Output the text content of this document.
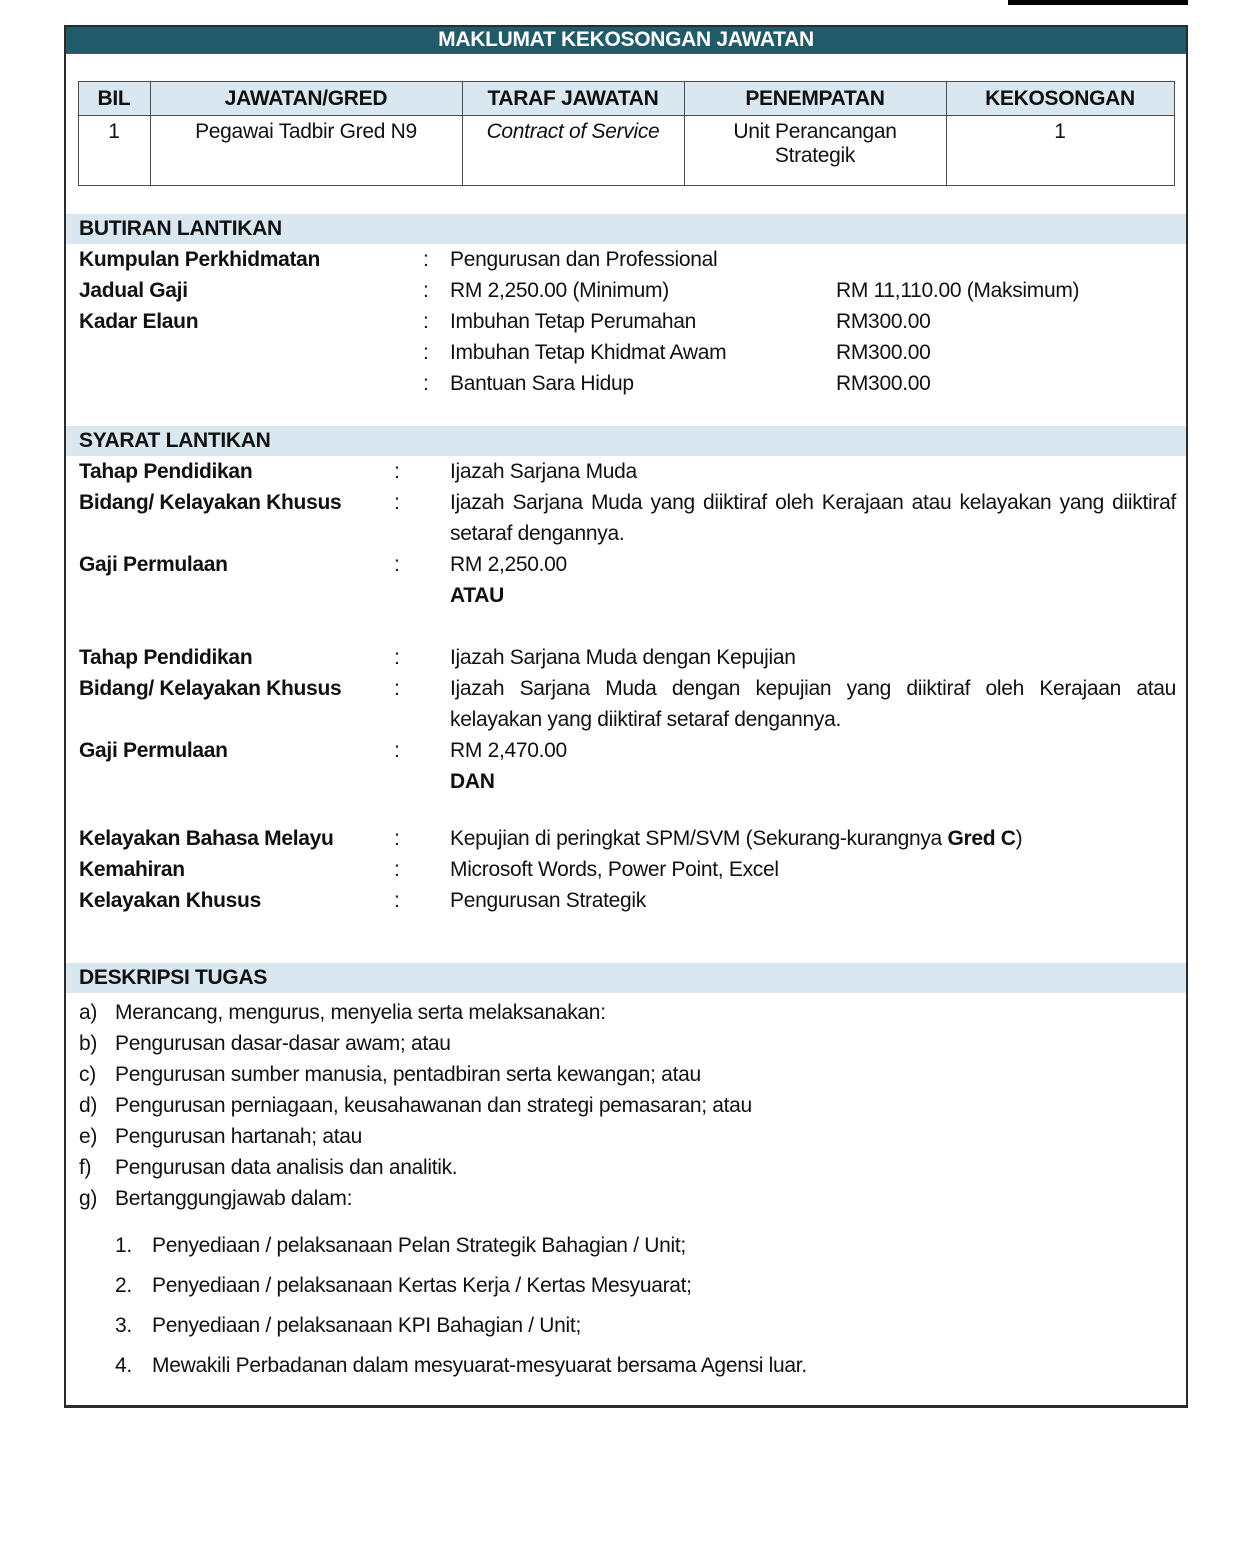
MAKLUMAT KEKOSONGAN JAWATAN
BIL	JAWATAN/GRED	TARAF JAWATAN	PENEMPATAN	KEKOSONGAN
1	Pegawai Tadbir Gred N9	Contract of Service	Unit Perancangan Strategik	1
BUTIRAN LANTIKAN
Kumpulan Perkhidmatan	:	Pengurusan dan Professional
Jadual Gaji	:	RM 2,250.00 (Minimum)	RM 11,110.00 (Maksimum)
Kadar Elaun	:	Imbuhan Tetap Perumahan	RM300.00
:	Imbuhan Tetap Khidmat Awam	RM300.00
:	Bantuan Sara Hidup	RM300.00
SYARAT LANTIKAN
Tahap Pendidikan	:	Ijazah Sarjana Muda
Bidang/ Kelayakan Khusus	:	Ijazah Sarjana Muda yang diiktiraf oleh Kerajaan atau kelayakan yang diiktiraf setaraf dengannya.
Gaji Permulaan	:	RM 2,250.00
ATAU
Tahap Pendidikan	:	Ijazah Sarjana Muda dengan Kepujian
Bidang/ Kelayakan Khusus	:	Ijazah Sarjana Muda dengan kepujian yang diiktiraf oleh Kerajaan atau kelayakan yang diiktiraf setaraf dengannya.
Gaji Permulaan	:	RM 2,470.00
DAN
Kelayakan Bahasa Melayu	:	Kepujian di peringkat SPM/SVM (Sekurang-kurangnya Gred C)
Kemahiran	:	Microsoft Words, Power Point, Excel
Kelayakan Khusus	:	Pengurusan Strategik
DESKRIPSI TUGAS
a) Merancang, mengurus, menyelia serta melaksanakan:
b) Pengurusan dasar-dasar awam; atau
c) Pengurusan sumber manusia, pentadbiran serta kewangan; atau
d) Pengurusan perniagaan, keusahawanan dan strategi pemasaran; atau
e) Pengurusan hartanah; atau
f)	Pengurusan data analisis dan analitik.
g) Bertanggungjawab dalam:
1. Penyediaan / pelaksanaan Pelan Strategik Bahagian / Unit;
2. Penyediaan / pelaksanaan Kertas Kerja / Kertas Mesyuarat;
3. Penyediaan / pelaksanaan KPI Bahagian / Unit;
4. Mewakili Perbadanan dalam mesyuarat-mesyuarat bersama Agensi luar.
